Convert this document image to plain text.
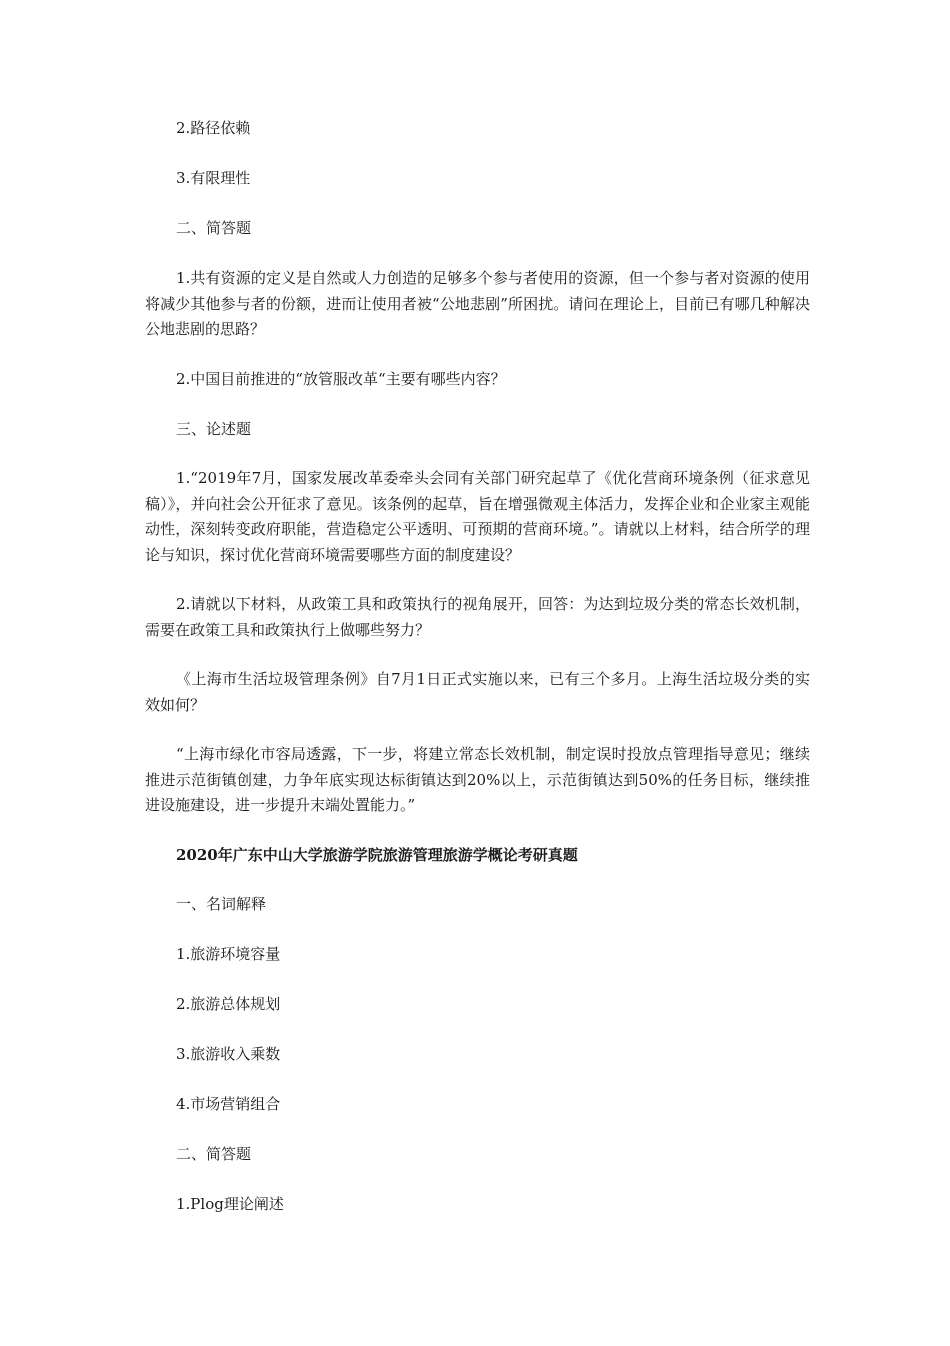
2.路径依赖
3.有限理性
二、简答题
1.共有资源的定义是自然或人力创造的足够多个参与者使用的资源，但一个参与者对资源的使用将减少其他参与者的份额，进而让使用者被“公地悲剧”所困扰。请问在理论上，目前已有哪几种解决公地悲剧的思路？
2.中国目前推进的“放管服改革“主要有哪些内容？
三、论述题
1.“2019年7月，国家发展改革委牵头会同有关部门研究起草了《优化营商环境条例（征求意见稿）》，并向社会公开征求了意见。该条例的起草，旨在增强微观主体活力，发挥企业和企业家主观能动性，深刻转变政府职能，营造稳定公平透明、可预期的营商环境。”。请就以上材料，结合所学的理论与知识，探讨优化营商环境需要哪些方面的制度建设？
2.请就以下材料，从政策工具和政策执行的视角展开，回答：为达到垃圾分类的常态长效机制，需要在政策工具和政策执行上做哪些努力？
《上海市生活垃圾管理条例》自7月1日正式实施以来，已有三个多月。上海生活垃圾分类的实效如何？
“上海市绿化市容局透露，下一步，将建立常态长效机制，制定误时投放点管理指导意见；继续推进示范街镇创建，力争年底实现达标街镇达到20%以上，示范街镇达到50%的任务目标，继续推进设施建设，进一步提升末端处置能力。”
2020年广东中山大学旅游学院旅游管理旅游学概论考研真题
一、名词解释
1.旅游环境容量
2.旅游总体规划
3.旅游收入乘数
4.市场营销组合
二、简答题
1.Plog理论阐述
